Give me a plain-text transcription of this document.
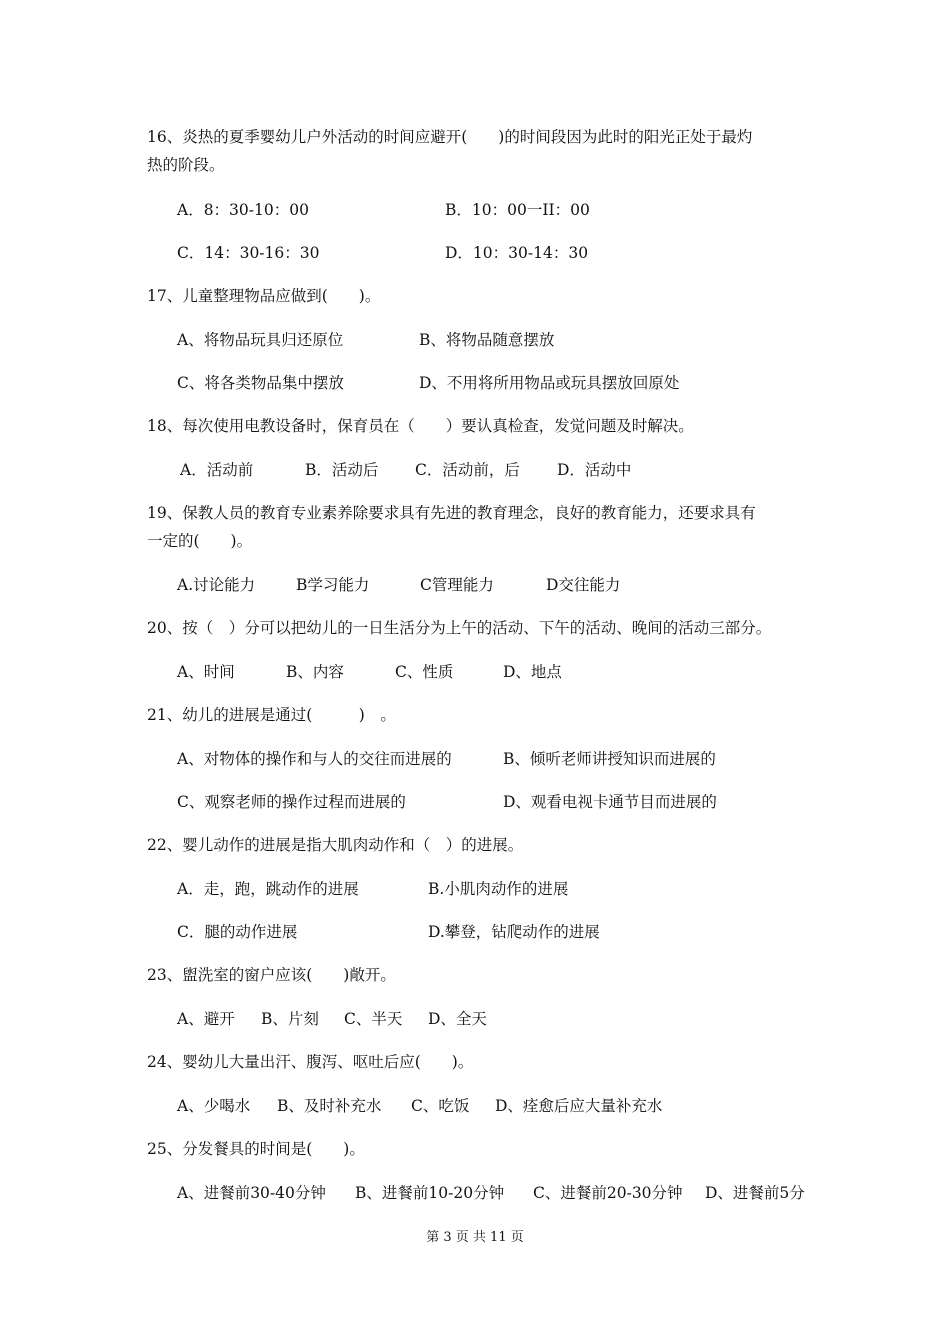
16、炎热的夏季婴幼儿户外活动的时间应避开(　　)的时间段因为此时的阳光正处于最灼
热的阶段。
A．8：30-10：00	B．10：00一II：00
C．14：30-16：30	D．10：30-14：30
17、儿童整理物品应做到(　　)。
A、将物品玩具归还原位	B、将物品随意摆放
C、将各类物品集中摆放	D、不用将所用物品或玩具摆放回原处
18、每次使用电教设备时，保育员在（　　）要认真检查，发觉问题及时解决。
A．活动前	B．活动后 C．活动前，后 D．活动中
19、保教人员的教育专业素养除要求具有先进的教育理念，良好的教育能力，还要求具有
一定的(　　)。
A.讨论能力	B学习能力	C管理能力	D交往能力
20、按（　）分可以把幼儿的一日生活分为上午的活动、下午的活动、晚间的活动三部分。
A、时间	B、内容	C、性质	D、地点
21、幼儿的进展是通过(　　　)　。
A、对物体的操作和与人的交往而进展的	B、倾听老师讲授知识而进展的
C、观察老师的操作过程而进展的	D、观看电视卡通节目而进展的
22、婴儿动作的进展是指大肌肉动作和（　）的进展。
A．走，跑，跳动作的进展	B.小肌肉动作的进展
C．腿的动作进展	D.攀登，钻爬动作的进展
23、盥洗室的窗户应该(　　)敞开。
A、避开 B、片刻 C、半天 D、全天
24、婴幼儿大量出汗、腹泻、呕吐后应(　　)。
A、少喝水 B、及时补充水 C、吃饭 D、痊愈后应大量补充水
25、分发餐具的时间是(　　)。
A、进餐前30-40分钟 B、进餐前10-20分钟 C、进餐前20-30分钟 D、进餐前5分
第 3 页 共 11 页
